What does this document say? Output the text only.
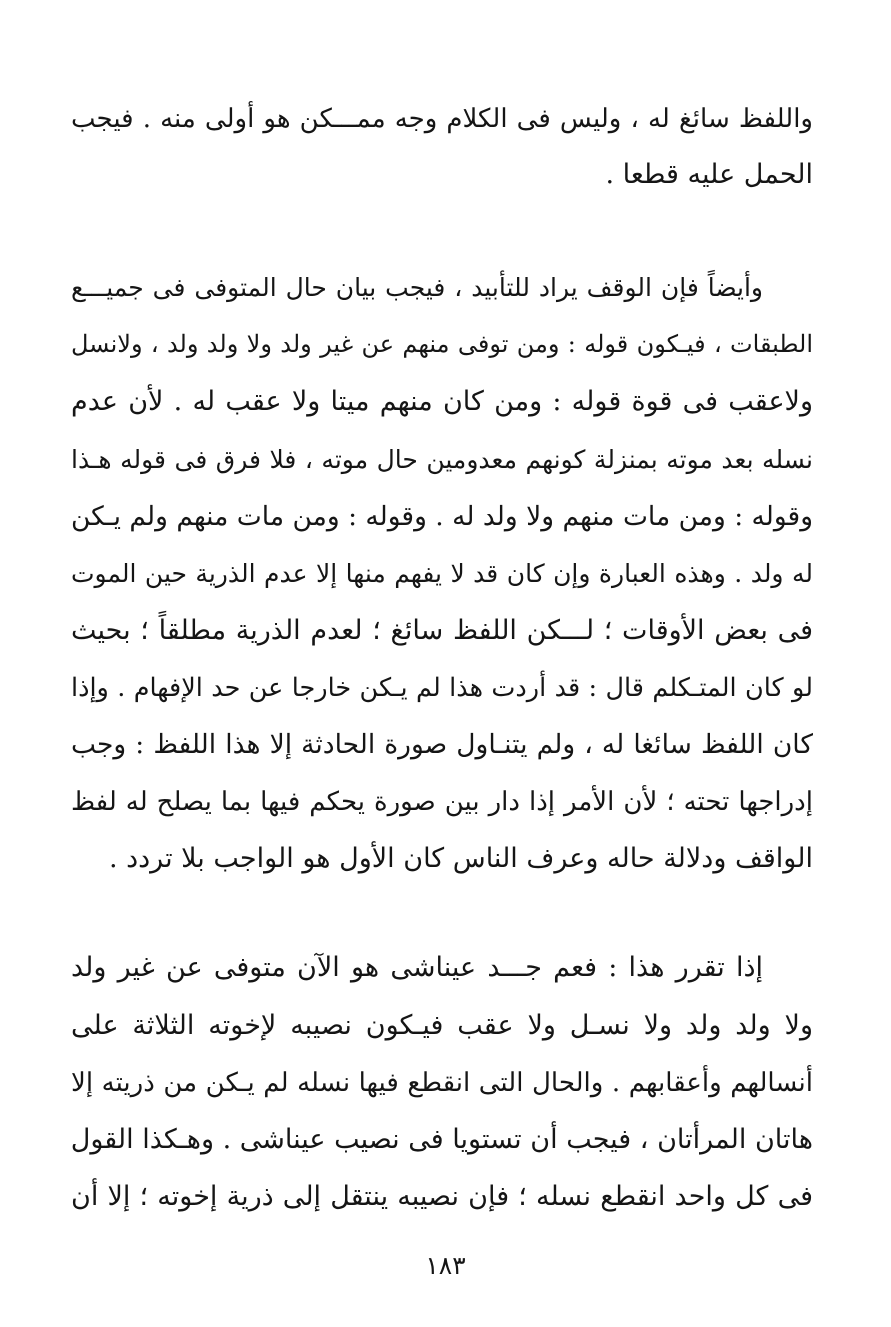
واللفظ سائغ له ، وليس فى الكلام وجه ممـــكن هو أولى منه . فيجب
الحمل عليه قطعا .
وأيضاً فإن الوقف يراد للتأبيد ، فيجب بيان حال المتوفى فى جميـــع
الطبقات ، فيـكون قوله : ومن توفى منهم عن غير ولد ولا ولد ولد ، ولانسل
ولاعقب فى قوة قوله : ومن كان منهم ميتا ولا عقب له . لأن عدم
نسله بعد موته بمنزلة كونهم معدومين حال موته ، فلا فرق فى قوله هـذا
وقوله : ومن مات منهم ولا ولد له . وقوله : ومن مات منهم ولم يـكن
له ولد . وهذه العبارة وإن كان قد لا يفهم منها إلا عدم الذرية حين الموت
فى بعض الأوقات ؛ لـــكن اللفظ سائغ ؛ لعدم الذرية مطلقاً ؛ بحيث
لو كان المتـكلم قال : قد أردت هذا لم يـكن خارجا عن حد الإفهام . وإذا
كان اللفظ سائغا له ، ولم يتنـاول صورة الحادثة إلا هذا اللفظ : وجب
إدراجها تحته ؛ لأن الأمر إذا دار بين صورة يحكم فيها بما يصلح له لفظ
الواقف ودلالة حاله وعرف الناس كان الأول هو الواجب بلا تردد .
إذا تقرر هذا : فعم جـــد عيناشى هو الآن متوفى عن غير ولد
ولا ولد ولد ولا نسـل ولا عقب فيـكون نصيبه لإخوته الثلاثة على
أنسالهم وأعقابهم . والحال التى انقطع فيها نسله لم يـكن من ذريته إلا
هاتان المرأتان ، فيجب أن تستويا فى نصيب عيناشى . وهـكذا القول
فى كل واحد انقطع نسله ؛ فإن نصيبه ينتقل إلى ذرية إخوته ؛ إلا أن
١٨٣
